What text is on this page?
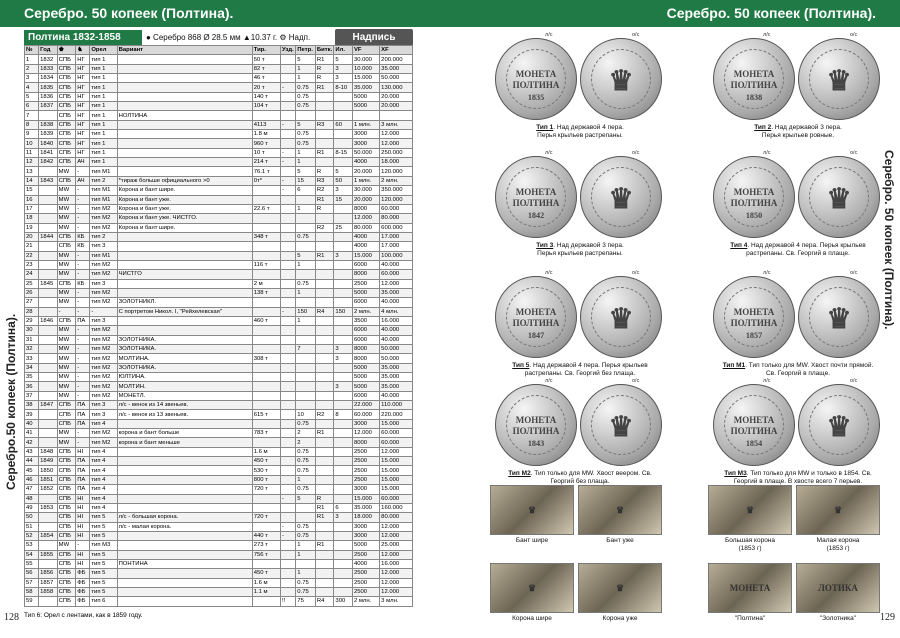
Серебро. 50 копеек (Полтина).	Серебро. 50 копеек (Полтина).
Серебро.50 копеек (Полтина).
Серебро. 50 копеек (Полтина).
128	129
Полтина 1832-1858	● Серебро 868 Ø 28.5 мм ▲10.37 г. ⚙ Надп.	Надпись
№	Год	♚	♞	Орел	Вариант	Тир.	Узд.	Петр.	Битк.	Ил.	VF	XF
1	1832	СПБ	НГ	тип 1		50 т		5	R1	5	30.000	200.000
2	1833	СПБ	НГ	тип 1		82 т		1	R	3	10.000	35.000
3	1834	СПБ	НГ	тип 1		46 т		1	R	3	15.000	50.000
4	1835	СПБ	НГ	тип 1		20 т	-	0.75	R1	8-10	35.000	130.000
5	1836	СПБ	НГ	тип 1		140 т		0.75			5000	20.000
6	1837	СПБ	НГ	тип 1		104 т		0.75			5000	20.000
7		СПБ	НГ	тип 1	НОЛТИНА							
8	1838	СПБ	НГ	тип 1		4113	-	5	R3	60	1 млн.	3 млн.
9	1839	СПБ	НГ	тип 1		1.8 м		0.75			3000	12.000
10	1840	СПБ	НГ	тип 1		960 т		0.75			3000	12.000
11	1841	СПБ	НГ	тип 1		10 т	-	1	R1	8-15	50.000	250.000
12	1842	СПБ	АЧ	тип 1		214 т	-	1			4000	18.000
13		MW	-	тип М1		76.1 т		5	R	5	20.000	120.000
14	1843	СПБ	АЧ	тип 2	*тираж больше официального >0	0т*	-	15	R3	50	1 млн.	2 млн.
15		MW	-	тип М1	Корона и бант шире.		-	6	R2	3	30.000	350.000
16		MW	-	тип М1	Корона и бант уже.				R1	15	20.000	120.000
17		MW	-	тип М2	Корона и бант уже.	22.6 т		1	R		8000	60.000
18		MW	-	тип М2	Корона и бант уже. ЧИСТГО.						12.000	80.000
19		MW	-	тип М2	Корона и бант шире.				R2	25	80.000	600.000
20	1844	СПБ	КБ	тип 2		348 т		0.75			4000	17.000
21		СПБ	КБ	тип 3							4000	17.000
22		MW	-	тип М1				5	R1	3	15.000	100.000
23		MW	-	тип М2		116 т		1			6000	40.000
24		MW	-	тип М2	ЧИСТГО						8000	60.000
25	1845	СПБ	КБ	тип 3		2 м		0.75			2500	12.000
26		MW	-	тип М2		138 т		1			5000	35.000
27		MW	-	тип М2	ЗОЛОТНИКЛ.						6000	40.000
28		-	-	-	С портретом Никол. I, "Рейхелевская"		-	150	R4	150	2 млн.	4 млн.
29	1846	СПБ	ПА	тип 3		460 т		1			3500	16.000
30		MW	-	тип М2							6000	40.000
31		MW	-	тип М2	ЗОЛОТНИКА.						6000	40.000
32		MW	-	тип М2	ЗОЛОТНИКА.			7		3	8000	50.000
33		MW	-	тип М2	МОЛТИНА.	308 т				3	8000	50.000
34		MW	-	тип М2	ЗОЛОТНИКА.						5000	35.000
35		MW	-	тип М2	ЮЛТИНА.						5000	35.000
36		MW	-	тип М2	МОЛТИН.					3	5000	35.000
37		MW	-	тип М2	МОНЕТЛ.						6000	40.000
38	1847	СПБ	ПА	тип 3	л/с - венок из 14 звеньев.						22.000	110.000
39		СПБ	ПА	тип 3	л/с - венок из 13 звеньев.	615 т		10	R2	8	60.000	220.000
40		СПБ	ПА	тип 4				0.75			3000	15.000
41		MW	-	тип М2	корона и бант больше	783 т		2	R1		12.000	60.000
42		MW	-	тип М2	корона и бант меньше			2			8000	60.000
43	1848	СПБ	НI	тип 4		1.6 м		0.75			2500	12.000
44	1849	СПБ	ПА	тип 4		450 т		0.75			2500	15.000
45	1850	СПБ	ПА	тип 4		530 т		0.75			2500	15.000
46	1851	СПБ	ПА	тип 4		800 т		1			2500	15.000
47	1852	СПБ	ПА	тип 4		720 т		0.75			3000	15.000
48		СПБ	НI	тип 4			-	5	R		15.000	60.000
49	1853	СПБ	НI	тип 4					R1	6	35.000	160.000
50		СПБ	НI	тип 5	л/с - большая корона.	720 т			R1	3	18.000	80.000
51		СПБ	НI	тип 5	л/с - малая корона.		-	0.75			3000	12.000
52	1854	СПБ	НI	тип 5		440 т	-	0.75			3000	12.000
53		MW	-	тип М3		273 т		1	R1		5000	25.000
54	1855	СПБ	НI	тип 5		756 т		1			2500	12.000
55		СПБ	НI	тип 5	ПОНТИНА						4000	16.000
56	1856	СПБ	ФБ	тип 5		450 т		1			2500	12.000
57	1857	СПБ	ФБ	тип 5		1.6 м		0.75			2500	12.000
58	1858	СПБ	ФБ	тип 5		1.1 м		0.75			2500	12.000
59		СПБ	ФБ	тип 6			!!	75	R4	300	2 млн.	3 млн.
Тип 6: Орел с лентами, как в 1859 году.
л/с	о/с
МОНЕТА ПОЛТИНА
1835
♛
Тип 1. Над державой 4 пера.
Перья крыльев растрепаны.
л/с	о/с
МОНЕТА ПОЛТИНА
1838
♛
Тип 2. Над державой 3 пера.
Перья крыльев ровные.
л/с	о/с
МОНЕТА ПОЛТИНА
1842
♛
Тип 3. Над державой 3 пера.
Перья крыльев растрепаны.
л/с	о/с
МОНЕТА ПОЛТИНА
1850
♛
Тип 4. Над державой 4 пера. Перья крыльев
растрепаны. Св. Георгий в плаще.
л/с	о/с
МОНЕТА ПОЛТИНА
1847
♛
Тип 5. Над державой 4 пера. Перья крыльев
растрепаны. Св. Георгий без плаща.
л/с	о/с
МОНЕТА ПОЛТИНА
1857
♛
Тип М1. Тип только для MW. Хвост почти прямой.
Св. Георгий в плаще.
л/с	о/с
МОНЕТА ПОЛТИНА
1843
♛
Тип М2. Тип только для MW. Хвост веером. Св.
Георгий без плаща.
л/с	о/с
МОНЕТА ПОЛТИНА
1854
♛
Тип М3. Тип только для MW и только в 1854. Св.
Георгий в плаще. В хвосте всего 7 перьев.
♛
Бант шире
♛
Бант уже
♛
Большая корона
(1853 г)
♛
Малая корона
(1853 г)
♛
Корона шире
♛
Корона уже
МОНЕТА
"Полтина"
ЛОТИКА
"Золотника"
